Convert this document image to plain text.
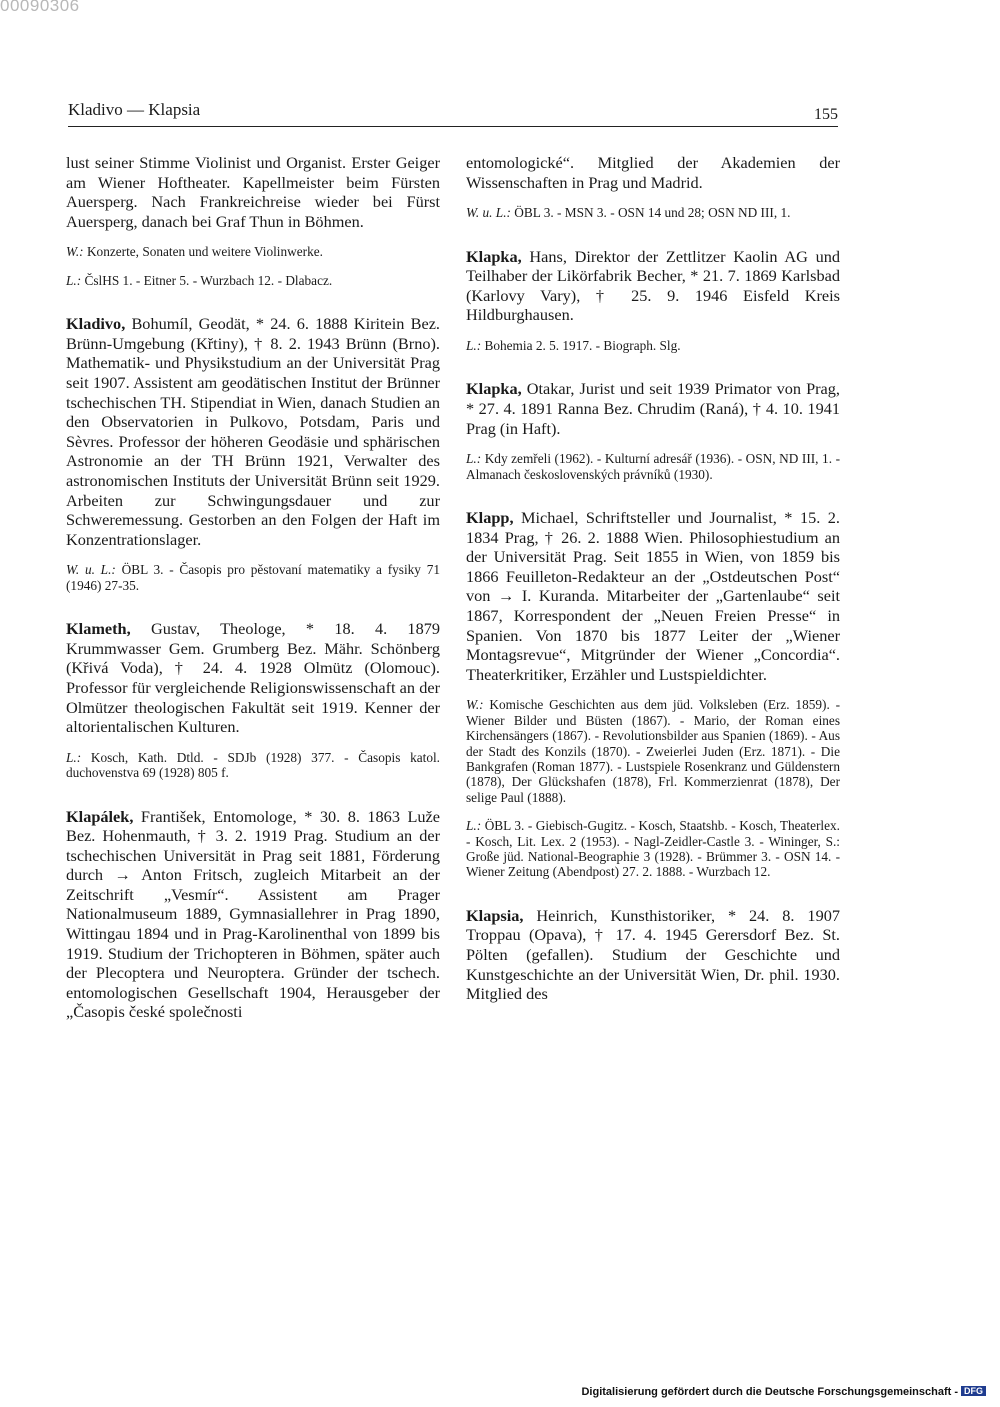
00090306
Kladivo — Klapsia	155

lust seiner Stimme Violinist und Organist. Erster Geiger am Wiener Hoftheater. Kapellmeister beim Fürsten Auersperg. Nach Frankreichreise wieder bei Fürst Auersperg, danach bei Graf Thun in Böhmen.

W.: Konzerte, Sonaten und weitere Violinwerke.

L.: ČslHS 1. - Eitner 5. - Wurzbach 12. - Dlabacz.

Kladivo, Bohumíl, Geodät, * 24. 6. 1888 Kiritein Bez. Brünn-Umgebung (Křtiny), † 8. 2. 1943 Brünn (Brno). Mathematik- und Physikstudium an der Universität Prag seit 1907. Assistent am geodätischen Institut der Brünner tschechischen TH. Stipendiat in Wien, danach Studien an den Observatorien in Pulkovo, Potsdam, Paris und Sèvres. Professor der höheren Geodäsie und sphärischen Astronomie an der TH Brünn 1921, Verwalter des astronomischen Instituts der Universität Brünn seit 1929. Arbeiten zur Schwingungsdauer und zur Schweremessung. Gestorben an den Folgen der Haft im Konzentrationslager.

W. u. L.: ÖBL 3. - Časopis pro pěstovaní matematiky a fysiky 71 (1946) 27-35.

Klameth, Gustav, Theologe, * 18. 4. 1879 Krummwasser Gem. Grumberg Bez. Mähr. Schönberg (Křivá Voda), † 24. 4. 1928 Olmütz (Olomouc). Professor für vergleichende Religionswissenschaft an der Olmützer theologischen Fakultät seit 1919. Kenner der altorientalischen Kulturen.

L.: Kosch, Kath. Dtld. - SDJb (1928) 377. - Časopis katol. duchovenstva 69 (1928) 805 f.

Klapálek, František, Entomologe, * 30. 8. 1863 Luže Bez. Hohenmauth, † 3. 2. 1919 Prag. Studium an der tschechischen Universität in Prag seit 1881, Förderung durch → Anton Fritsch, zugleich Mitarbeit an der Zeitschrift „Vesmír“. Assistent am Prager Nationalmuseum 1889, Gymnasiallehrer in Prag 1890, Wittingau 1894 und in Prag-Karolinenthal von 1899 bis 1919. Studium der Trichopteren in Böhmen, später auch der Plecoptera und Neuroptera. Gründer der tschech. entomologischen Gesellschaft 1904, Herausgeber der „Časopis české společnosti

entomologické“. Mitglied der Akademien der Wissenschaften in Prag und Madrid.

W. u. L.: ÖBL 3. - MSN 3. - OSN 14 und 28; OSN ND III, 1.

Klapka, Hans, Direktor der Zettlitzer Kaolin AG und Teilhaber der Likörfabrik Becher, * 21. 7. 1869 Karlsbad (Karlovy Vary), † 25. 9. 1946 Eisfeld Kreis Hildburghausen.

L.: Bohemia 2. 5. 1917. - Biograph. Slg.

Klapka, Otakar, Jurist und seit 1939 Primator von Prag, * 27. 4. 1891 Ranna Bez. Chrudim (Raná), † 4. 10. 1941 Prag (in Haft).

L.: Kdy zemřeli (1962). - Kulturní adresář (1936). - OSN, ND III, 1. - Almanach československých právníků (1930).

Klapp, Michael, Schriftsteller und Journalist, * 15. 2. 1834 Prag, † 26. 2. 1888 Wien. Philosophiestudium an der Universität Prag. Seit 1855 in Wien, von 1859 bis 1866 Feuilleton-Redakteur an der „Ostdeutschen Post“ von → I. Kuranda. Mitarbeiter der „Gartenlaube“ seit 1867, Korrespondent der „Neuen Freien Presse“ in Spanien. Von 1870 bis 1877 Leiter der „Wiener Montagsrevue“, Mitgründer der Wiener „Concordia“. Theaterkritiker, Erzähler und Lustspieldichter.

W.: Komische Geschichten aus dem jüd. Volksleben (Erz. 1859). - Wiener Bilder und Büsten (1867). - Mario, der Roman eines Kirchensängers (1867). - Revolutionsbilder aus Spanien (1869). - Aus der Stadt des Konzils (1870). - Zweierlei Juden (Erz. 1871). - Die Bankgrafen (Roman 1877). - Lustspiele Rosenkranz und Güldenstern (1878), Der Glückshafen (1878), Frl. Kommerzienrat (1878), Der selige Paul (1888).

L.: ÖBL 3. - Giebisch-Gugitz. - Kosch, Staatshb. - Kosch, Theaterlex. - Kosch, Lit. Lex. 2 (1953). - Nagl-Zeidler-Castle 3. - Wininger, S.: Große jüd. National-Beographie 3 (1928). - Brümmer 3. - OSN 14. - Wiener Zeitung (Abendpost) 27. 2. 1888. - Wurzbach 12.

Klapsia, Heinrich, Kunsthistoriker, * 24. 8. 1907 Troppau (Opava), † 17. 4. 1945 Gerersdorf Bez. St. Pölten (gefallen). Studium der Geschichte und Kunstgeschichte an der Universität Wien, Dr. phil. 1930. Mitglied des

Digitalisierung gefördert durch die Deutsche Forschungsgemeinschaft - DFG
